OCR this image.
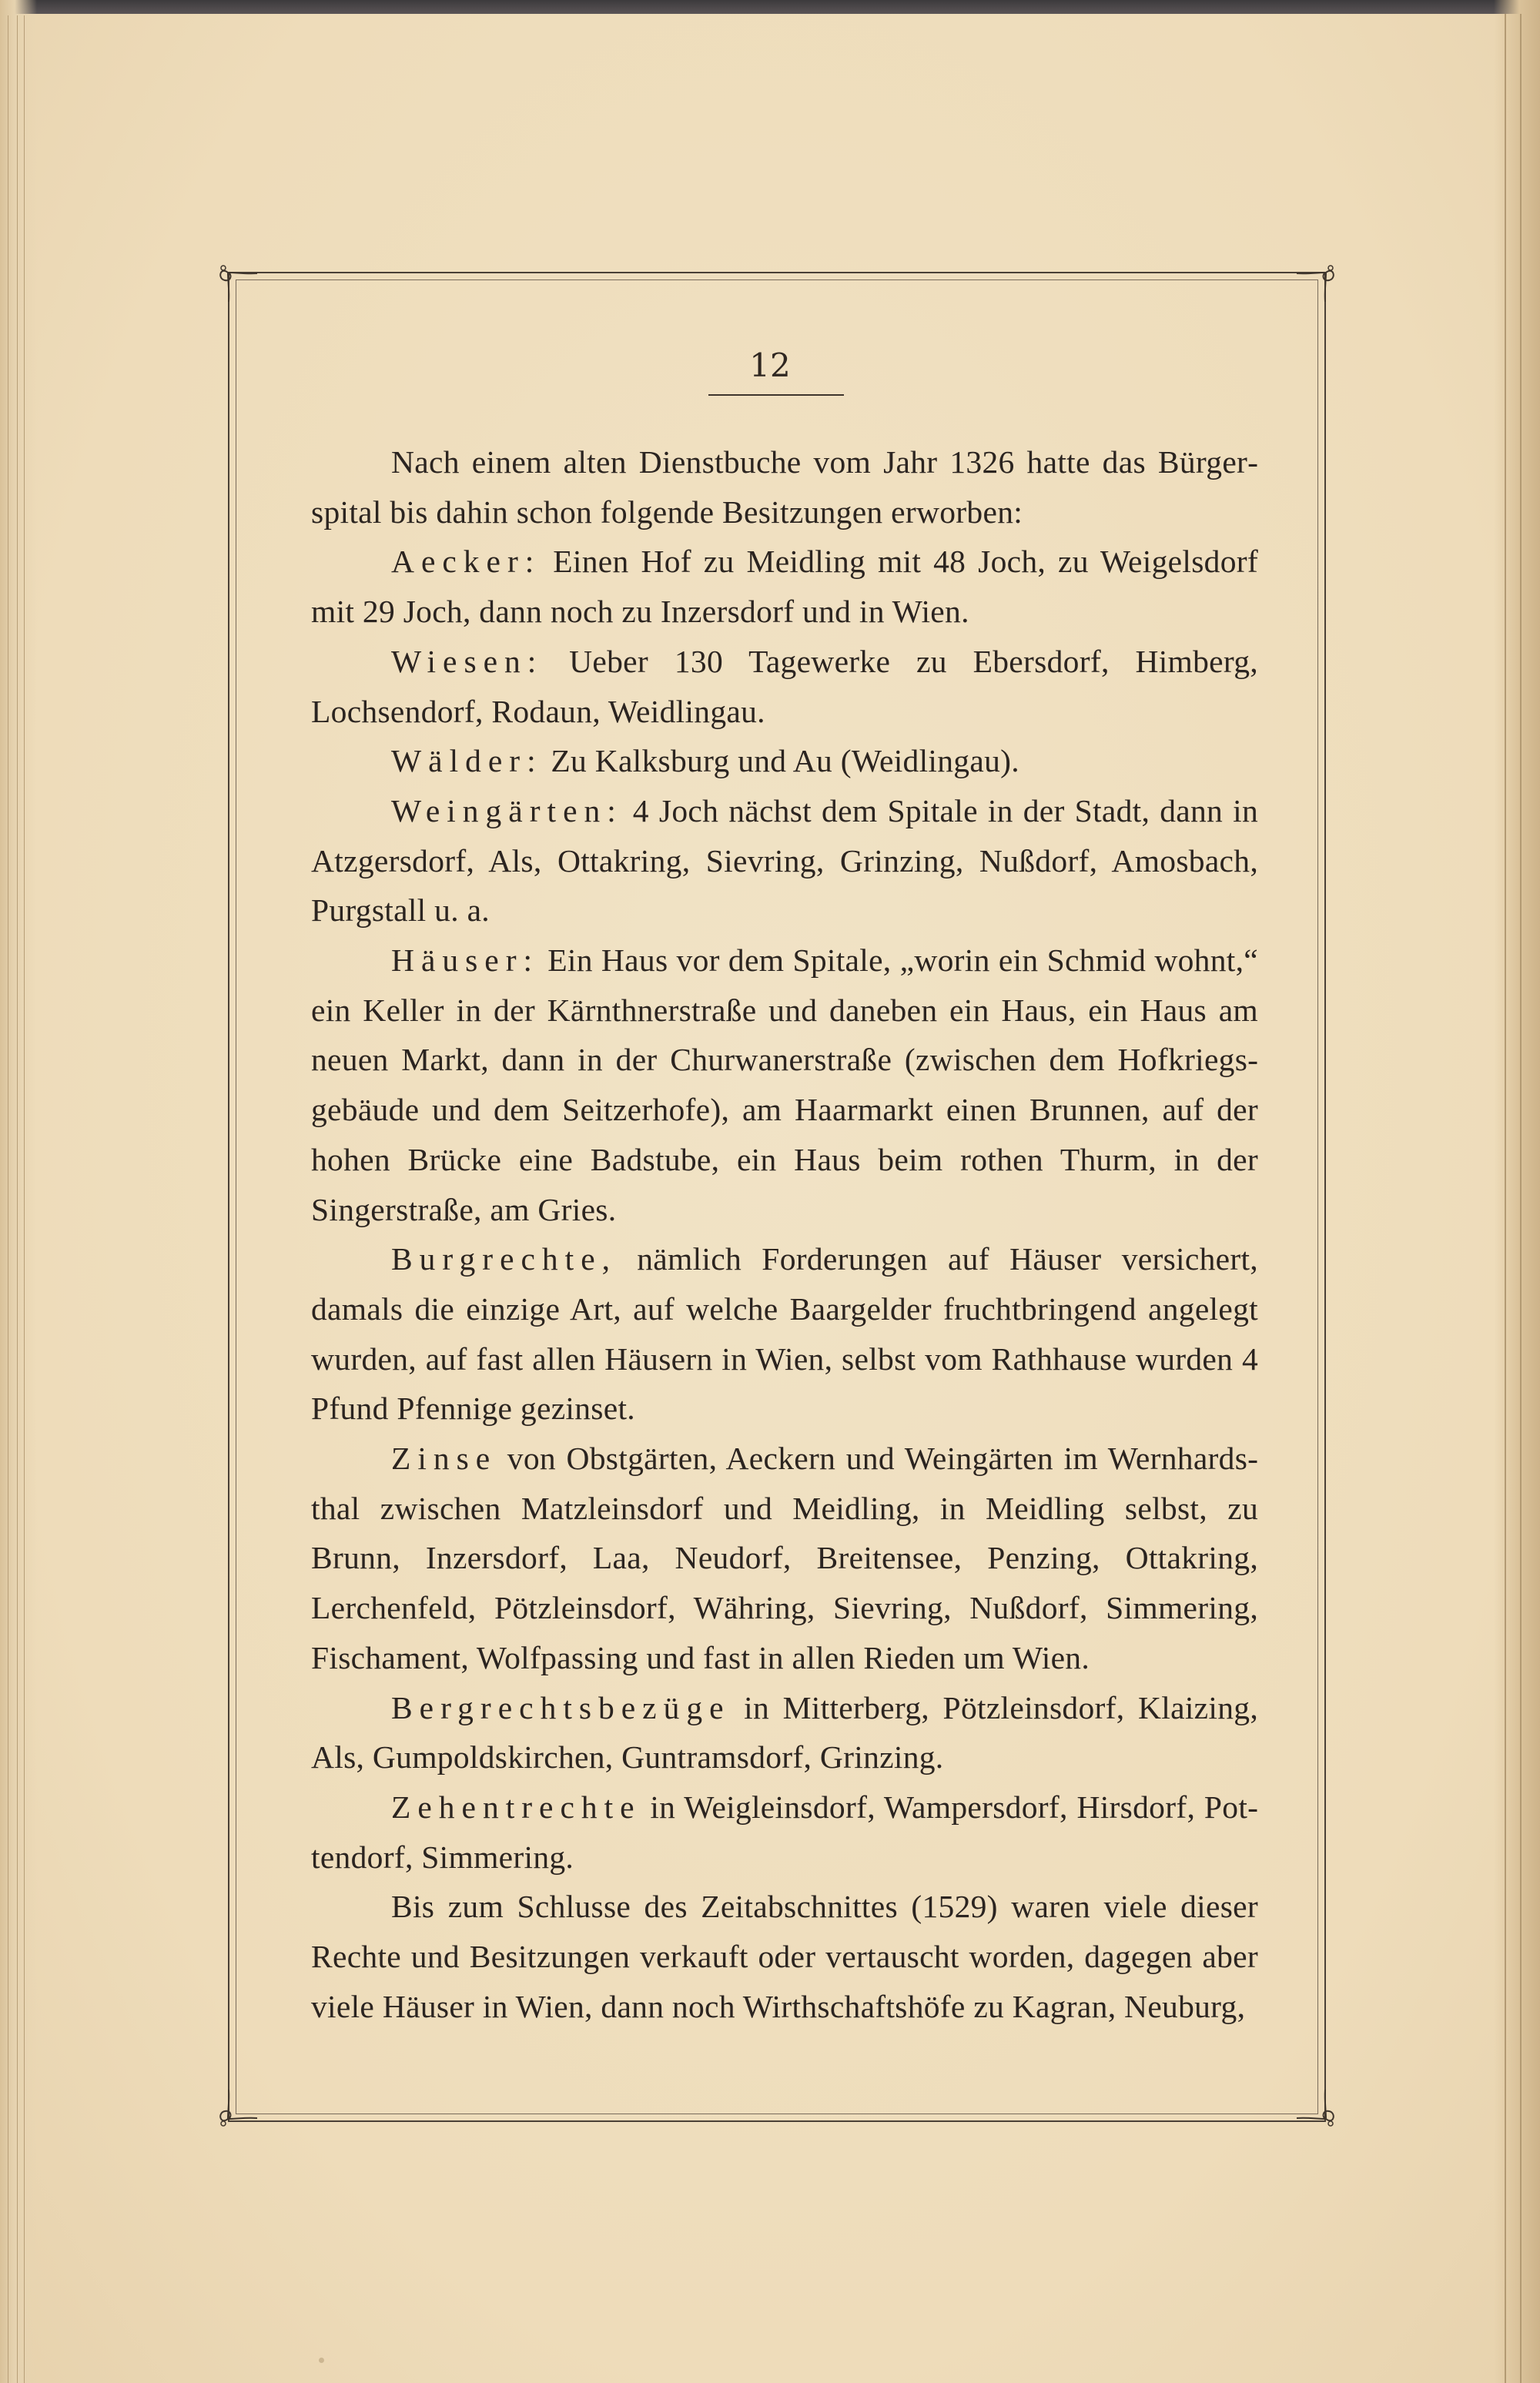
12

Nach einem alten Dienstbuche vom Jahr 1326 hatte das Bürgerspital bis dahin schon folgende Besitzungen erworben:

Aecker: Einen Hof zu Meidling mit 48 Joch, zu Weigelsdorf mit 29 Joch, dann noch zu Inzersdorf und in Wien.

Wiesen: Ueber 130 Tagewerke zu Ebersdorf, Himberg, Lochsendorf, Rodaun, Weidlingau.

Wälder: Zu Kalksburg und Au (Weidlingau).

Weingärten: 4 Joch nächst dem Spitale in der Stadt, dann in Atzgersdorf, Als, Ottakring, Sievring, Grinzing, Nußdorf, Amosbach, Purgstall u. a.

Häuser: Ein Haus vor dem Spitale, „worin ein Schmid wohnt,“ ein Keller in der Kärnthnerstraße und daneben ein Haus, ein Haus am neuen Markt, dann in der Churwanerstraße (zwischen dem Hofkriegsgebäude und dem Seitzerhofe), am Haarmarkt einen Brunnen, auf der hohen Brücke eine Badstube, ein Haus beim rothen Thurm, in der Singerstraße, am Gries.

Burgrechte, nämlich Forderungen auf Häuser versichert, damals die einzige Art, auf welche Baargelder fruchtbringend angelegt wurden, auf fast allen Häusern in Wien, selbst vom Rathhause wurden 4 Pfund Pfennige gezinset.

Zinse von Obstgärten, Aeckern und Weingärten im Wernhardsthal zwischen Matzleinsdorf und Meidling, in Meidling selbst, zu Brunn, Inzersdorf, Laa, Neudorf, Breitensee, Penzing, Ottakring, Lerchenfeld, Pötzleinsdorf, Währing, Sievring, Nußdorf, Simmering, Fischament, Wolfpassing und fast in allen Rieden um Wien.

Bergrechtsbezüge in Mitterberg, Pötzleinsdorf, Klaizing, Als, Gumpoldskirchen, Guntramsdorf, Grinzing.

Zehentrechte in Weigleinsdorf, Wampersdorf, Hirsdorf, Pottendorf, Simmering.

Bis zum Schlusse des Zeitabschnittes (1529) waren viele dieser Rechte und Besitzungen verkauft oder vertauscht worden, dagegen aber viele Häuser in Wien, dann noch Wirthschaftshöfe zu Kagran, Neuburg,
